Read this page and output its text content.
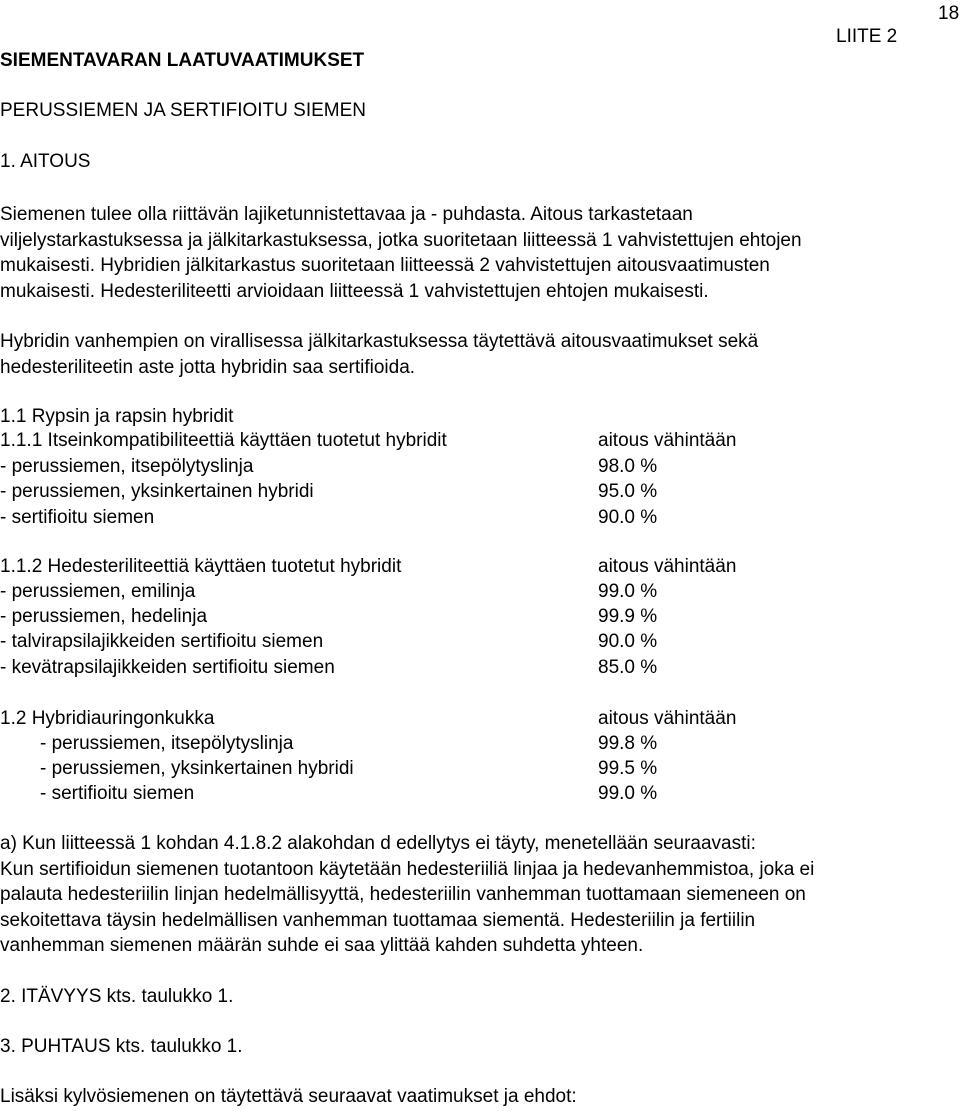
18
LIITE 2
SIEMENTAVARAN LAATUVAATIMUKSET
PERUSSIEMEN JA SERTIFIOITU SIEMEN
1. AITOUS
Siemenen tulee olla riittävän lajiketunnistettavaa ja - puhdasta. Aitous tarkastetaan
viljelystarkastuksessa ja jälkitarkastuksessa, jotka suoritetaan liitteessä 1 vahvistettujen ehtojen
mukaisesti. Hybridien jälkitarkastus suoritetaan liitteessä 2 vahvistettujen aitousvaatimusten
mukaisesti. Hedesteriliteetti arvioidaan liitteessä 1 vahvistettujen ehtojen mukaisesti.
Hybridin vanhempien on virallisessa jälkitarkastuksessa täytettävä aitousvaatimukset sekä
hedesteriliteetin aste jotta hybridin saa sertifioida.
1.1 Rypsin ja rapsin hybridit
1.1.1 Itseinkompatibiliteettiä käyttäen tuotetut hybridit	aitous vähintään
- perussiemen, itsepölytyslinja	98.0 %
- perussiemen, yksinkertainen hybridi	95.0 %
- sertifioitu siemen	90.0 %
1.1.2 Hedesteriliteettiä käyttäen tuotetut hybridit	aitous vähintään
- perussiemen, emilinja	99.0 %
- perussiemen, hedelinja	99.9 %
- talvirapsilajikkeiden sertifioitu siemen	90.0 %
- kevätrapsilajikkeiden sertifioitu siemen	85.0 %
1.2 Hybridiauringonkukka	aitous vähintään
- perussiemen, itsepölytyslinja	99.8 %
- perussiemen, yksinkertainen hybridi	99.5 %
- sertifioitu siemen	99.0 %
a) Kun liitteessä 1 kohdan 4.1.8.2 alakohdan d edellytys ei täyty, menetellään seuraavasti:
Kun sertifioidun siemenen tuotantoon käytetään hedesteriiliä linjaa ja hedevanhemmistoa, joka ei
palauta hedesteriilin linjan hedelmällisyyttä, hedesteriilin vanhemman tuottamaan siemeneen on
sekoitettava täysin hedelmällisen vanhemman tuottamaa siementä. Hedesteriilin ja fertiilin
vanhemman siemenen määrän suhde ei saa ylittää kahden suhdetta yhteen.
2. ITÄVYYS kts. taulukko 1.
3. PUHTAUS kts. taulukko 1.
Lisäksi kylvösiemenen on täytettävä seuraavat vaatimukset ja ehdot:
